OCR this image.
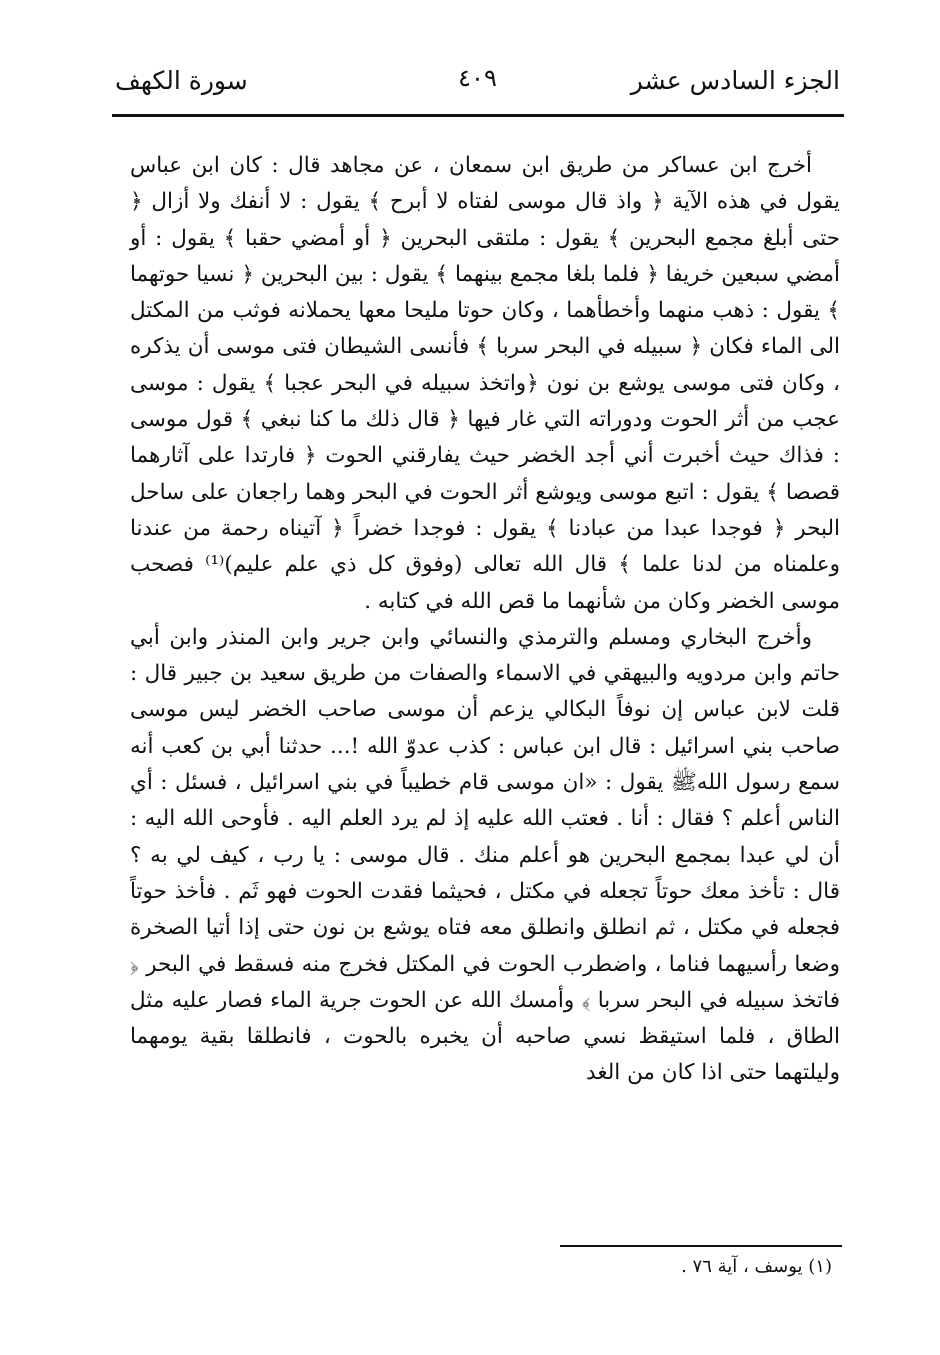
الجزء السادس عشر
٤٠٩
سورة الكهف

أخرج ابن عساكر من طريق ابن سمعان ، عن مجاهد قال : كان ابن عباس يقول في هذه الآية ﴿ واذ قال موسى لفتاه لا أبرح ﴾ يقول : لا أنفك ولا أزال ﴿ حتى أبلغ مجمع البحرين ﴾ يقول : ملتقى البحرين ﴿ أو أمضي حقبا ﴾ يقول : أو أمضي سبعين خريفا ﴿ فلما بلغا مجمع بينهما ﴾ يقول : بين البحرين ﴿ نسيا حوتهما ﴾ يقول : ذهب منهما وأخطأهما ، وكان حوتا مليحا معها يحملانه فوثب من المكتل الى الماء فكان ﴿ سبيله في البحر سربا ﴾ فأنسى الشيطان فتى موسى أن يذكره ، وكان فتى موسى يوشع بن نون ﴿واتخذ سبيله في البحر عجبا ﴾ يقول : موسى عجب من أثر الحوت ودوراته التي غار فيها ﴿ قال ذلك ما كنا نبغي ﴾ قول موسى : فذاك حيث أخبرت أني أجد الخضر حيث يفارقني الحوت ﴿ فارتدا على آثارهما قصصا ﴾ يقول : اتبع موسى ويوشع أثر الحوت في البحر وهما راجعان على ساحل البحر ﴿ فوجدا عبدا من عبادنا ﴾ يقول : فوجدا خضراً ﴿ آتيناه رحمة من عندنا وعلمناه من لدنا علما ﴾ قال الله تعالى (وفوق كل ذي علم عليم)⁽¹⁾ فصحب موسى الخضر وكان من شأنهما ما قص الله في كتابه .

وأخرج البخاري ومسلم والترمذي والنسائي وابن جرير وابن المنذر وابن أبي حاتم وابن مردويه والبيهقي في الاسماء والصفات من طريق سعيد بن جبير قال : قلت لابن عباس إن نوفاً البكالي يزعم أن موسى صاحب الخضر ليس موسى صاحب بني اسرائيل : قال ابن عباس : كذب عدوّ الله !... حدثنا أبي بن كعب أنه سمع رسول اللهﷺ يقول : «ان موسى قام خطيباً في بني اسرائيل ، فسئل : أي الناس أعلم ؟ فقال : أنا . فعتب الله عليه إذ لم يرد العلم اليه . فأوحى الله اليه : أن لي عبدا بمجمع البحرين هو أعلم منك . قال موسى : يا رب ، كيف لي به ؟ قال : تأخذ معك حوتاً تجعله في مكتل ، فحيثما فقدت الحوت فهو ثَم . فأخذ حوتاً فجعله في مكتل ، ثم انطلق وانطلق معه فتاه يوشع بن نون حتى إذا أتيا الصخرة وضعا رأسيهما فناما ، واضطرب الحوت في المكتل فخرج منه فسقط في البحر ﴿ فاتخذ سبيله في البحر سربا ﴾ وأمسك الله عن الحوت جرية الماء فصار عليه مثل الطاق ، فلما استيقظ نسي صاحبه أن يخبره بالحوت ، فانطلقا بقية يومهما وليلتهما حتى اذا كان من الغد

(١) يوسف ، آية ٧٦ .
